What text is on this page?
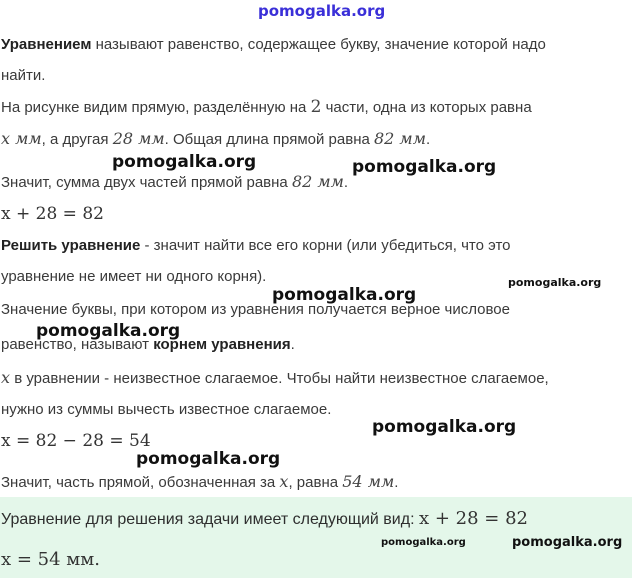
Уравнением называют равенство, содержащее букву, значение которой надо
найти.
На рисунке видим прямую, разделённую на 2 части, одна из которых равна
x мм, а другая 28 мм. Общая длина прямой равна 82 мм.
Значит, сумма двух частей прямой равна 82 мм.
x + 28 = 82
Решить уравнение - значит найти все его корни (или убедиться, что это
уравнение не имеет ни одного корня).
Значение буквы, при котором из уравнения получается верное числовое
равенство, называют корнем уравнения.
x в уравнении - неизвестное слагаемое. Чтобы найти неизвестное слагаемое,
нужно из суммы вычесть известное слагаемое.
x = 82 − 28 = 54
Значит, часть прямой, обозначенная за x, равна 54 мм.
Уравнение для решения задачи имеет следующий вид: x + 28 = 82
x = 54 мм.
pomogalka.org
pomogalka.org	pomogalka.org
pomogalka.org
pomogalka.org
pomogalka.org
pomogalka.org
pomogalka.org
pomogalka.org	pomogalka.org
